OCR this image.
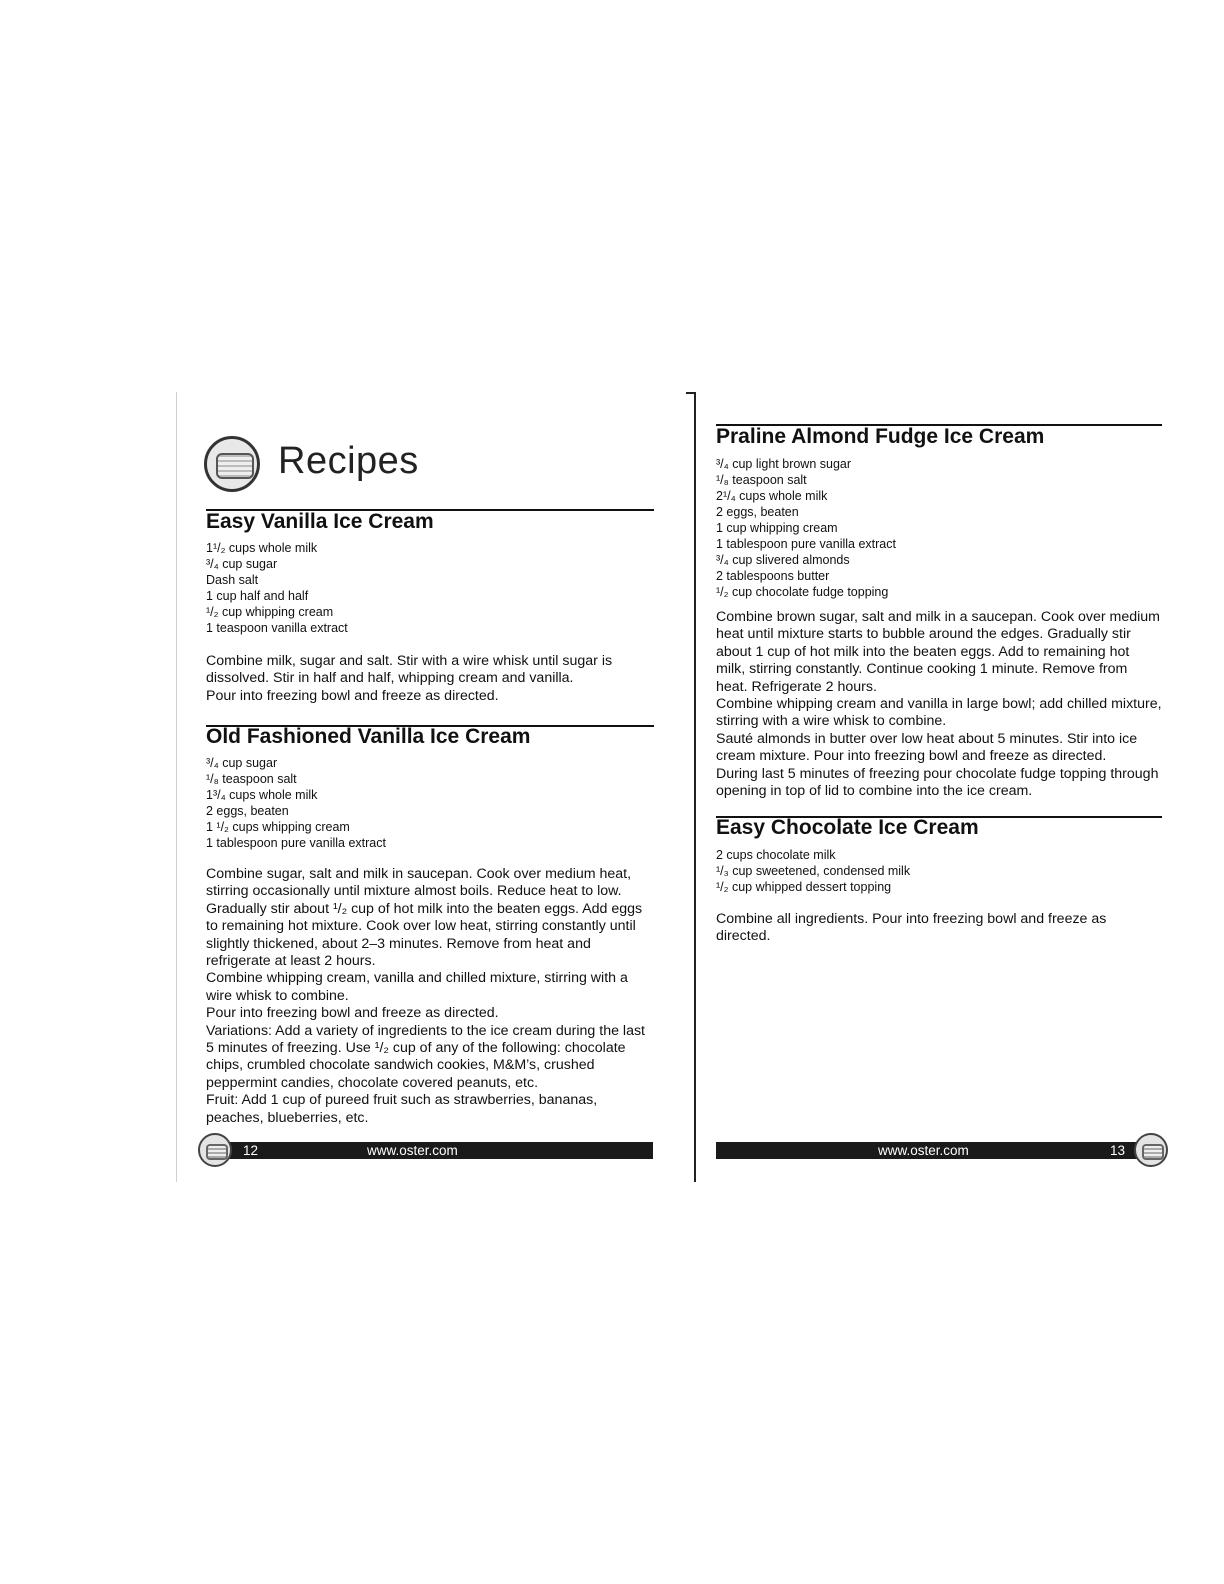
Recipes
Easy Vanilla Ice Cream
1¹/₂ cups whole milk
³/₄ cup sugar
Dash salt
1 cup half and half
¹/₂ cup whipping cream
1 teaspoon vanilla extract

Combine milk, sugar and salt. Stir with a wire whisk until sugar is dissolved. Stir in half and half, whipping cream and vanilla.

Pour into freezing bowl and freeze as directed.

Old Fashioned Vanilla Ice Cream
³/₄ cup sugar
¹/₈ teaspoon salt
1³/₄ cups whole milk
2 eggs, beaten
1 ¹/₂ cups whipping cream
1 tablespoon pure vanilla extract

Combine sugar, salt and milk in saucepan. Cook over medium heat, stirring occasionally until mixture almost boils. Reduce heat to low. Gradually stir about ¹/₂ cup of hot milk into the beaten eggs. Add eggs to remaining hot mixture. Cook over low heat, stirring constantly until slightly thickened, about 2–3 minutes. Remove from heat and refrigerate at least 2 hours.

Combine whipping cream, vanilla and chilled mixture, stirring with a wire whisk to combine.

Pour into freezing bowl and freeze as directed.

Variations: Add a variety of ingredients to the ice cream during the last 5 minutes of freezing. Use ¹/₂ cup of any of the following: chocolate chips, crumbled chocolate sandwich cookies, M&M’s, crushed peppermint candies, chocolate covered peanuts, etc.

Fruit: Add 1 cup of pureed fruit such as strawberries, bananas, peaches, blueberries, etc.

12	www.oster.com
Praline Almond Fudge Ice Cream
³/₄ cup light brown sugar
¹/₈ teaspoon salt
2¹/₄ cups whole milk
2 eggs, beaten
1 cup whipping cream
1 tablespoon pure vanilla extract
³/₄ cup slivered almonds
2 tablespoons butter
¹/₂ cup chocolate fudge topping

Combine brown sugar, salt and milk in a saucepan. Cook over medium heat until mixture starts to bubble around the edges. Gradually stir about 1 cup of hot milk into the beaten eggs. Add to remaining hot milk, stirring constantly. Continue cooking 1 minute. Remove from heat. Refrigerate 2 hours.

Combine whipping cream and vanilla in large bowl; add chilled mixture, stirring with a wire whisk to combine.

Sauté almonds in butter over low heat about 5 minutes. Stir into ice cream mixture. Pour into freezing bowl and freeze as directed.

During last 5 minutes of freezing pour chocolate fudge topping through opening in top of lid to combine into the ice cream.

Easy Chocolate Ice Cream
2 cups chocolate milk
¹/₃ cup sweetened, condensed milk
¹/₂ cup whipped dessert topping

Combine all ingredients. Pour into freezing bowl and freeze as directed.

www.oster.com	13
